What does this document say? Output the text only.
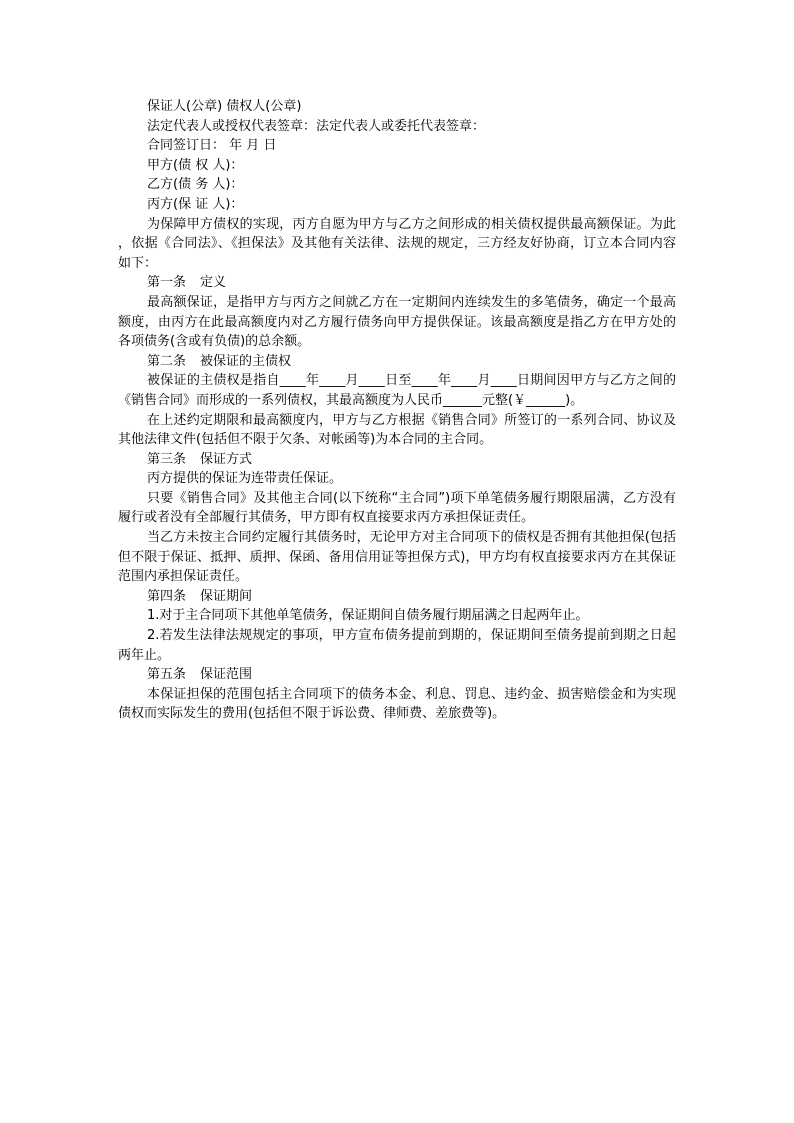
保证人(公章) 债权人(公章)
法定代表人或授权代表签章：法定代表人或委托代表签章：
合同签订日： 年 月 日
甲方(债 权 人)：
乙方(债 务 人)：
丙方(保 证 人)：
为保障甲方债权的实现，丙方自愿为甲方与乙方之间形成的相关债权提供最高额保证。为此，依据《合同法》、《担保法》及其他有关法律、法规的规定，三方经友好协商，订立本合同内容如下：
第一条 定义
最高额保证，是指甲方与丙方之间就乙方在一定期间内连续发生的多笔债务，确定一个最高额度，由丙方在此最高额度内对乙方履行债务向甲方提供保证。该最高额度是指乙方在甲方处的各项债务(含或有负债)的总余额。
第二条 被保证的主债权
被保证的主债权是指自____年____月____日至____年____月____日期间因甲方与乙方之间的《销售合同》而形成的一系列债权，其最高额度为人民币______元整(￥______)。
在上述约定期限和最高额度内，甲方与乙方根据《销售合同》所签订的一系列合同、协议及其他法律文件(包括但不限于欠条、对帐函等)为本合同的主合同。
第三条 保证方式
丙方提供的保证为连带责任保证。
只要《销售合同》及其他主合同(以下统称“主合同”)项下单笔债务履行期限届满，乙方没有履行或者没有全部履行其债务，甲方即有权直接要求丙方承担保证责任。
当乙方未按主合同约定履行其债务时，无论甲方对主合同项下的债权是否拥有其他担保(包括但不限于保证、抵押、质押、保函、备用信用证等担保方式)，甲方均有权直接要求丙方在其保证范围内承担保证责任。
第四条 保证期间
1.对于主合同项下其他单笔债务，保证期间自债务履行期届满之日起两年止。
2.若发生法律法规规定的事项，甲方宣布债务提前到期的，保证期间至债务提前到期之日起两年止。
第五条 保证范围
本保证担保的范围包括主合同项下的债务本金、利息、罚息、违约金、损害赔偿金和为实现债权而实际发生的费用(包括但不限于诉讼费、律师费、差旅费等)。
